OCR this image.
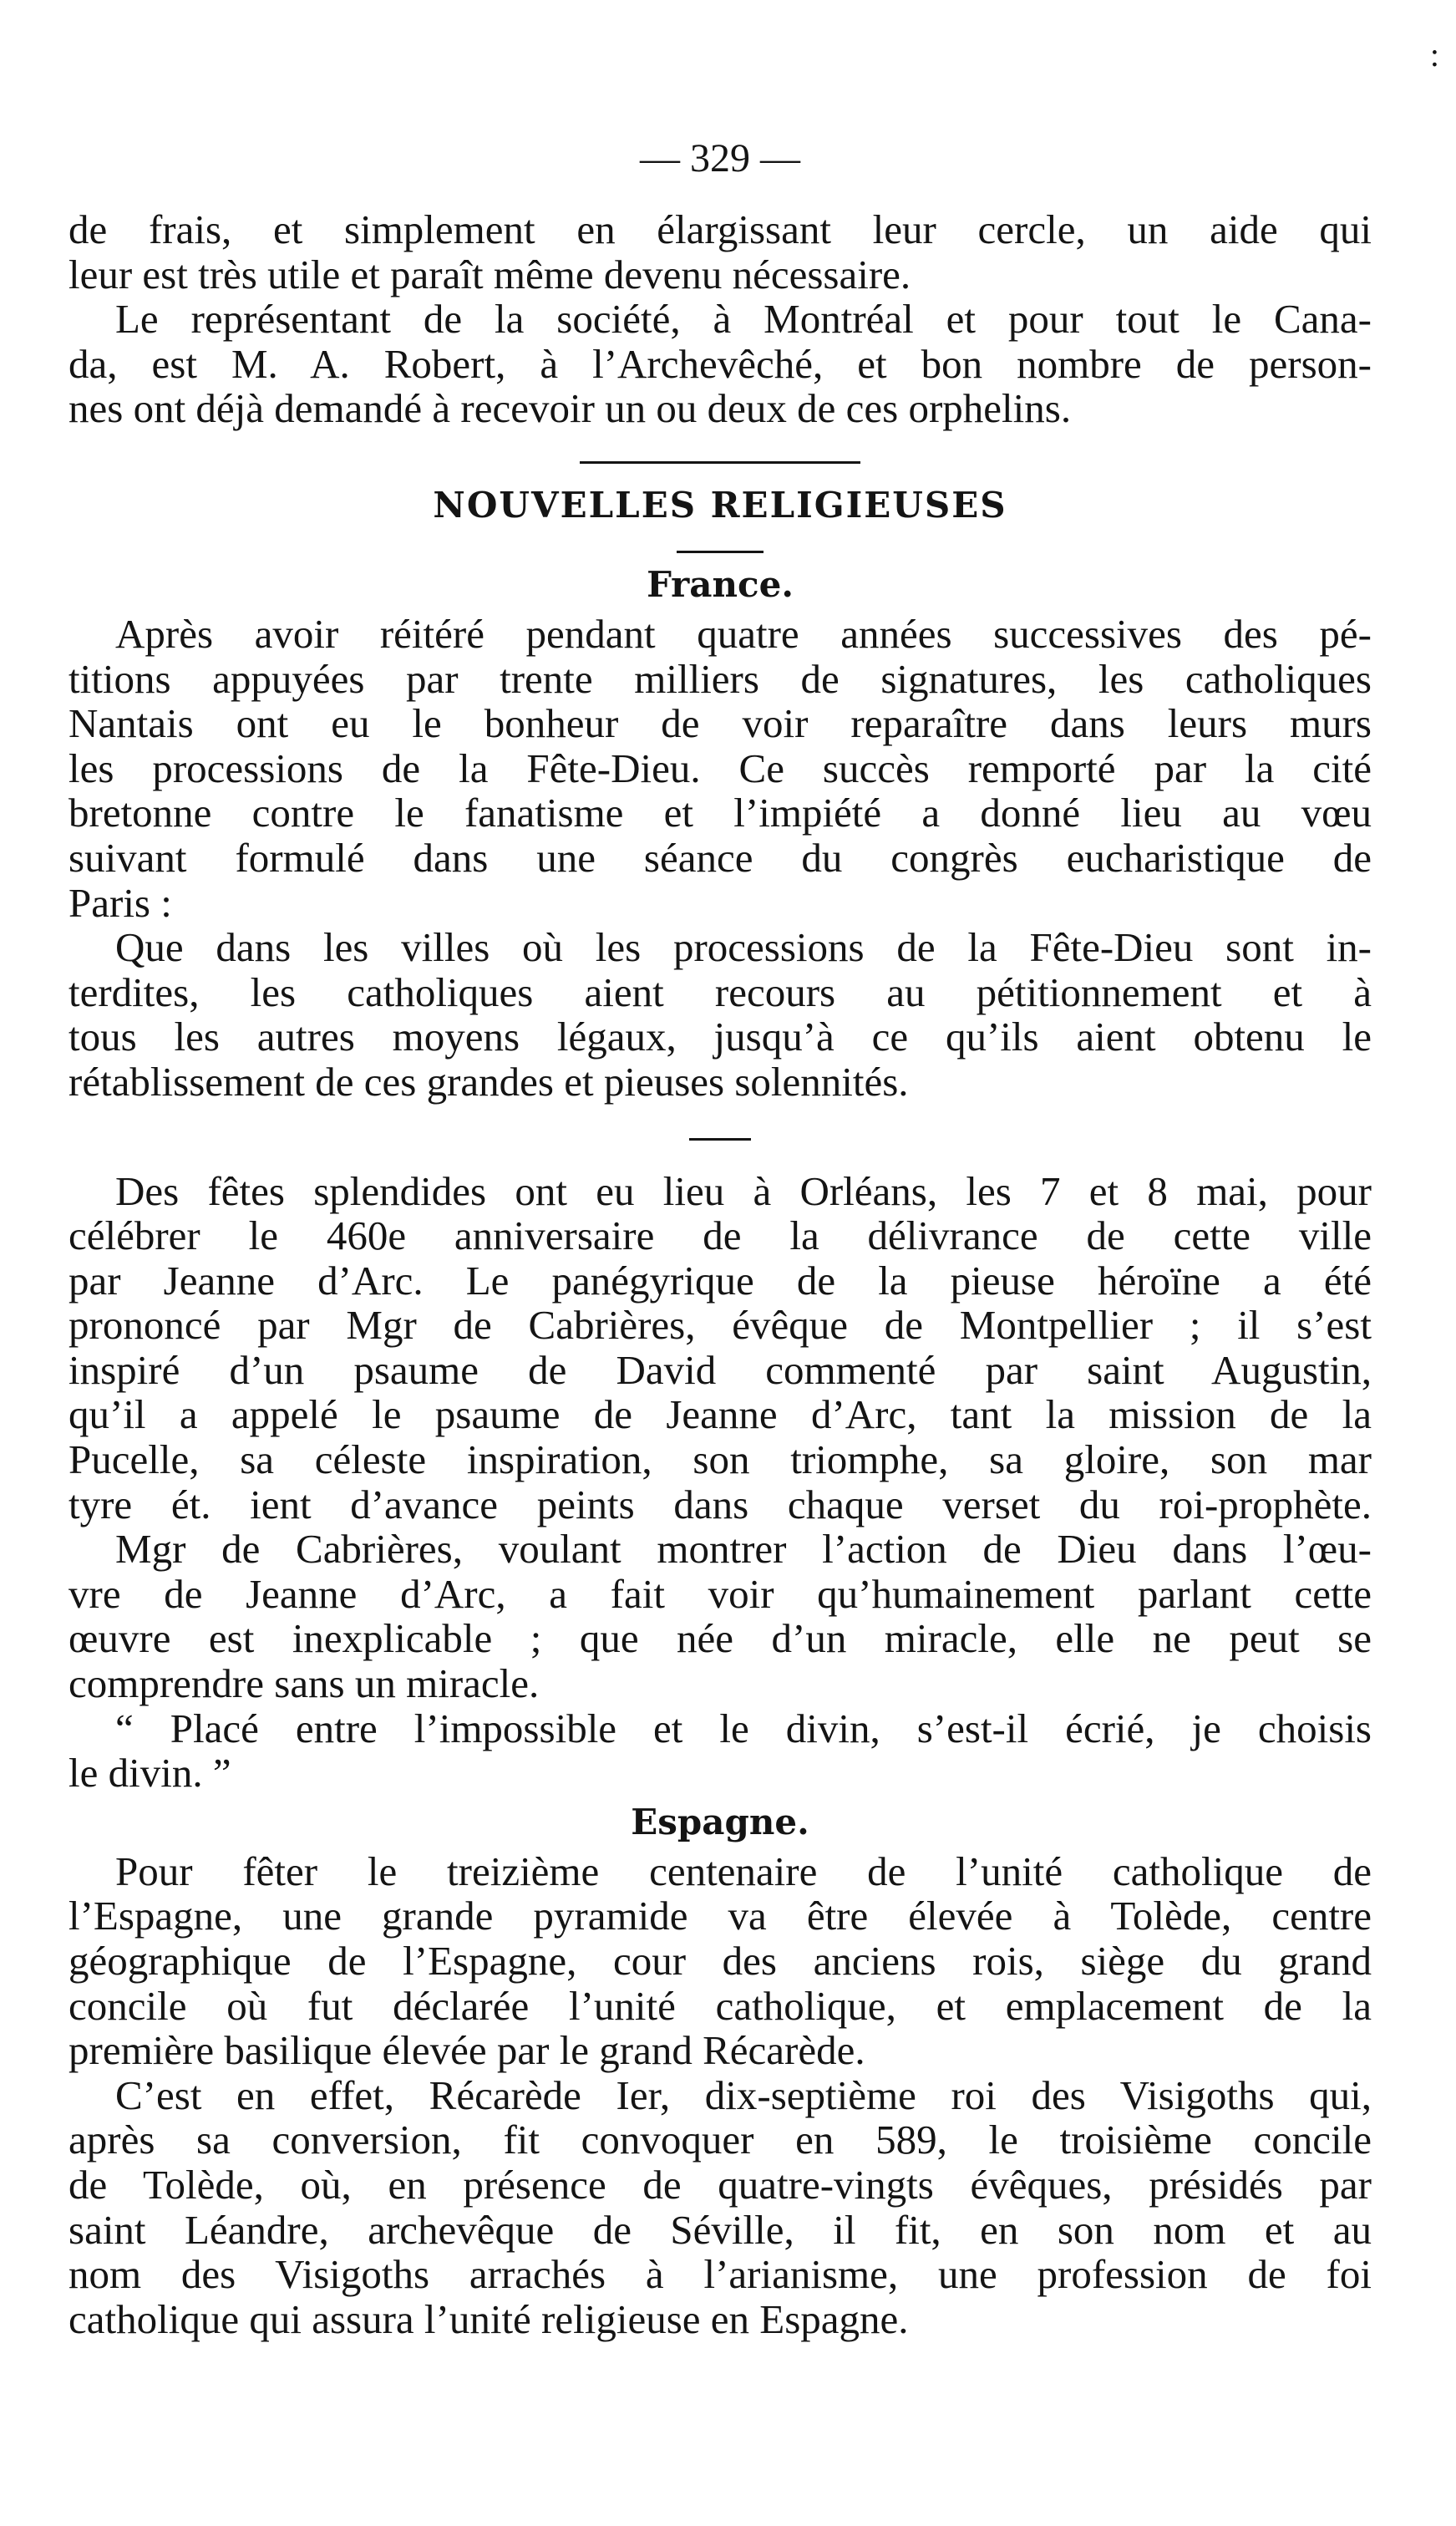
:
— 329 —

de frais, et simplement en élargissant leur cercle, un aide qui
leur est très utile et paraît même devenu nécessaire.

Le représentant de la société, à Montréal et pour tout le Cana-
da, est M. A. Robert, à l’Archevêché, et bon nombre de person-
nes ont déjà demandé à recevoir un ou deux de ces orphelins.

NOUVELLES RELIGIEUSES
France.

Après avoir réitéré pendant quatre années successives des pé-
titions appuyées par trente milliers de signatures, les catholiques
Nantais ont eu le bonheur de voir reparaître dans leurs murs
les processions de la Fête-Dieu. Ce succès remporté par la cité
bretonne contre le fanatisme et l’impiété a donné lieu au vœu
suivant formulé dans une séance du congrès eucharistique de
Paris :

Que dans les villes où les processions de la Fête-Dieu sont in-
terdites, les catholiques aient recours au pétitionnement et à
tous les autres moyens légaux, jusqu’à ce qu’ils aient obtenu le
rétablissement de ces grandes et pieuses solennités.

Des fêtes splendides ont eu lieu à Orléans, les 7 et 8 mai, pour
célébrer le 460e anniversaire de la délivrance de cette ville
par Jeanne d’Arc. Le panégyrique de la pieuse héroïne a été
prononcé par Mgr de Cabrières, évêque de Montpellier ; il s’est
inspiré d’un psaume de David commenté par saint Augustin,
qu’il a appelé le psaume de Jeanne d’Arc, tant la mission de la
Pucelle, sa céleste inspiration, son triomphe, sa gloire, son mar
tyre ét. ient d’avance peints dans chaque verset du roi-prophète.

Mgr de Cabrières, voulant montrer l’action de Dieu dans l’œu-
vre de Jeanne d’Arc, a fait voir qu’humainement parlant cette
œuvre est inexplicable ; que née d’un miracle, elle ne peut se
comprendre sans un miracle.

“ Placé entre l’impossible et le divin, s’est-il écrié, je choisis
le divin. ”

Espagne.

Pour fêter le treizième centenaire de l’unité catholique de
l’Espagne, une grande pyramide va être élevée à Tolède, centre
géographique de l’Espagne, cour des anciens rois, siège du grand
concile où fut déclarée l’unité catholique, et emplacement de la
première basilique élevée par le grand Récarède.

C’est en effet, Récarède Ier, dix-septième roi des Visigoths qui,
après sa conversion, fit convoquer en 589, le troisième concile
de Tolède, où, en présence de quatre-vingts évêques, présidés par
saint Léandre, archevêque de Séville, il fit, en son nom et au
nom des Visigoths arrachés à l’arianisme, une profession de foi
catholique qui assura l’unité religieuse en Espagne.
